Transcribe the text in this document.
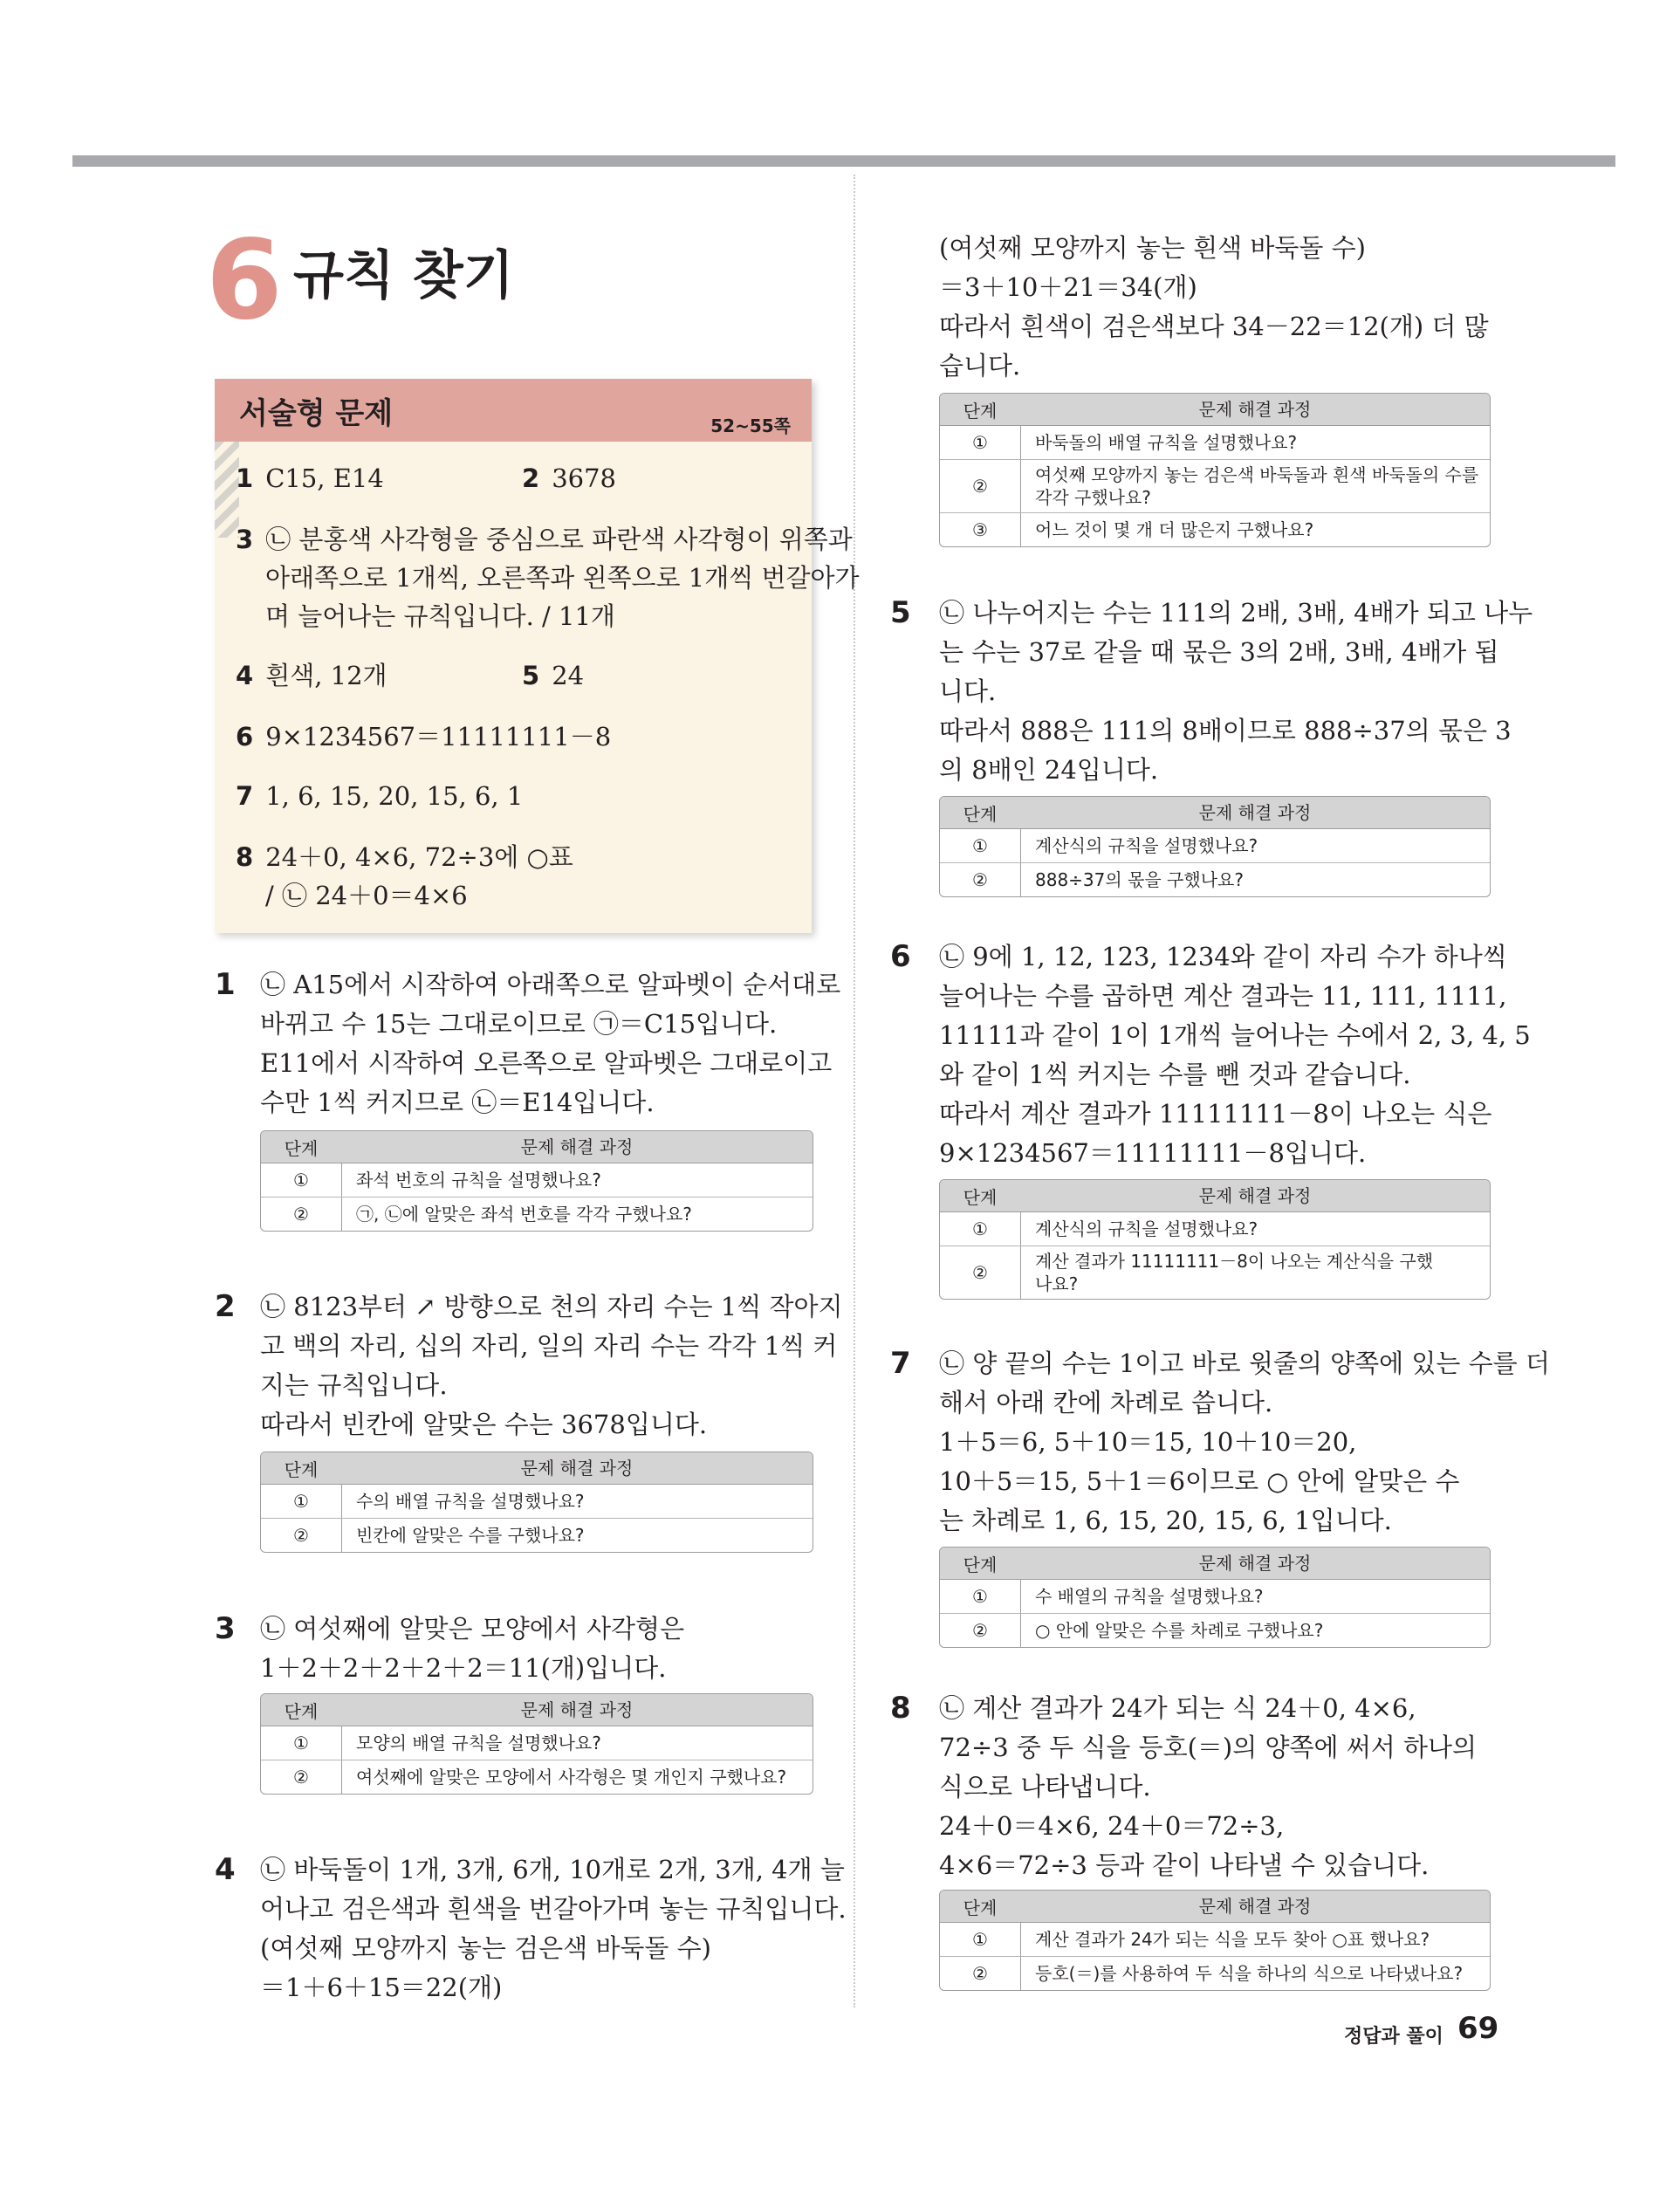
6 규칙 찾기
서술형 문제	52~55쪽
1 C15, E14	2 3678
3 ㉡ 분홍색 사각형을 중심으로 파란색 사각형이 위쪽과
아래쪽으로 1개씩, 오른쪽과 왼쪽으로 1개씩 번갈아가
며 늘어나는 규칙입니다. / 11개
4 흰색, 12개	5 24
6 9×1234567＝11111111－8
7 1, 6, 15, 20, 15, 6, 1
8 24＋0, 4×6, 72÷3에 ○표
/ ㉡ 24＋0＝4×6
1 ㉡ A15에서 시작하여 아래쪽으로 알파벳이 순서대로
바뀌고 수 15는 그대로이므로 ㉠＝C15입니다.
E11에서 시작하여 오른쪽으로 알파벳은 그대로이고
수만 1씩 커지므로 ㉡＝E14입니다.
단계	문제 해결 과정
①	좌석 번호의 규칙을 설명했나요?
②	㉠, ㉡에 알맞은 좌석 번호를 각각 구했나요?
2 ㉡ 8123부터 ↗ 방향으로 천의 자리 수는 1씩 작아지
고 백의 자리, 십의 자리, 일의 자리 수는 각각 1씩 커
지는 규칙입니다.
따라서 빈칸에 알맞은 수는 3678입니다.
단계	문제 해결 과정
①	수의 배열 규칙을 설명했나요?
②	빈칸에 알맞은 수를 구했나요?
3 ㉡ 여섯째에 알맞은 모양에서 사각형은
1＋2＋2＋2＋2＋2＝11(개)입니다.
단계	문제 해결 과정
①	모양의 배열 규칙을 설명했나요?
②	여섯째에 알맞은 모양에서 사각형은 몇 개인지 구했나요?
4 ㉡ 바둑돌이 1개, 3개, 6개, 10개로 2개, 3개, 4개 늘
어나고 검은색과 흰색을 번갈아가며 놓는 규칙입니다.
(여섯째 모양까지 놓는 검은색 바둑돌 수)
＝1＋6＋15＝22(개)
(여섯째 모양까지 놓는 흰색 바둑돌 수)
＝3＋10＋21＝34(개)
따라서 흰색이 검은색보다 34－22＝12(개) 더 많
습니다.
단계	문제 해결 과정
①	바둑돌의 배열 규칙을 설명했나요?
②
여섯째 모양까지 놓는 검은색 바둑돌과 흰색 바둑돌의 수를
각각 구했나요?
③	어느 것이 몇 개 더 많은지 구했나요?
5 ㉡ 나누어지는 수는 111의 2배, 3배, 4배가 되고 나누
는 수는 37로 같을 때 몫은 3의 2배, 3배, 4배가 됩
니다.
따라서 888은 111의 8배이므로 888÷37의 몫은 3
의 8배인 24입니다.
단계	문제 해결 과정
①	계산식의 규칙을 설명했나요?
②	888÷37의 몫을 구했나요?
6 ㉡ 9에 1, 12, 123, 1234와 같이 자리 수가 하나씩
늘어나는 수를 곱하면 계산 결과는 11, 111, 1111,
11111과 같이 1이 1개씩 늘어나는 수에서 2, 3, 4, 5
와 같이 1씩 커지는 수를 뺀 것과 같습니다.
따라서 계산 결과가 11111111－8이 나오는 식은
9×1234567＝11111111－8입니다.
단계	문제 해결 과정
①	계산식의 규칙을 설명했나요?
②
계산 결과가 11111111－8이 나오는 계산식을 구했
나요?
7 ㉡ 양 끝의 수는 1이고 바로 윗줄의 양쪽에 있는 수를 더
해서 아래 칸에 차례로 씁니다.
1＋5＝6, 5＋10＝15, 10＋10＝20,
10＋5＝15, 5＋1＝6이므로 ○ 안에 알맞은 수
는 차례로 1, 6, 15, 20, 15, 6, 1입니다.
단계	문제 해결 과정
①	수 배열의 규칙을 설명했나요?
②	○ 안에 알맞은 수를 차례로 구했나요?
8 ㉡ 계산 결과가 24가 되는 식 24＋0, 4×6,
72÷3 중 두 식을 등호(＝)의 양쪽에 써서 하나의
식으로 나타냅니다.
24＋0＝4×6, 24＋0＝72÷3,
4×6＝72÷3 등과 같이 나타낼 수 있습니다.
단계	문제 해결 과정
①	계산 결과가 24가 되는 식을 모두 찾아 ○표 했나요?
②	등호(＝)를 사용하여 두 식을 하나의 식으로 나타냈나요?
정답과 풀이 69
